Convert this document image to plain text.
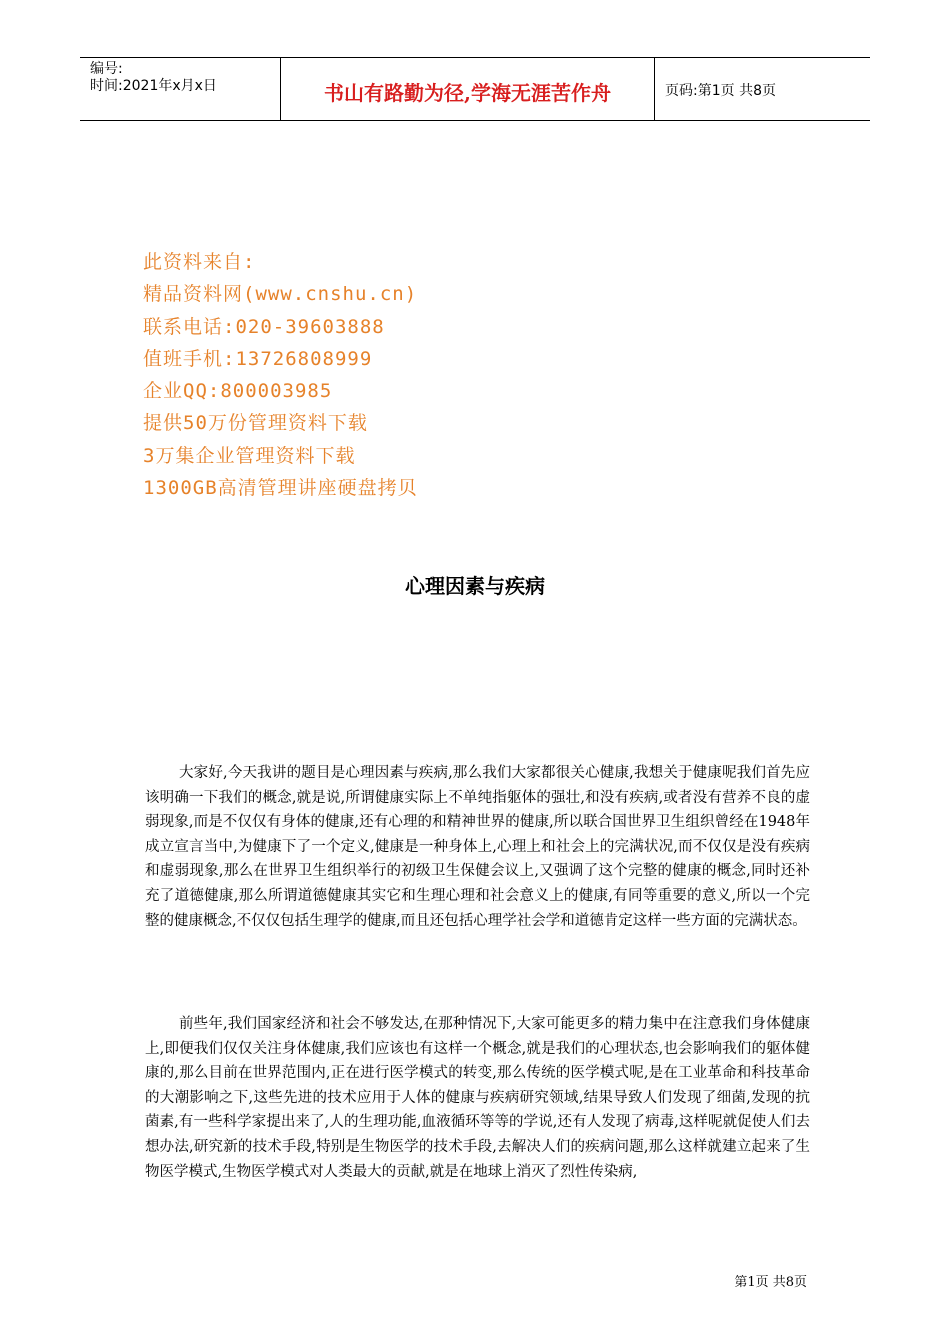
编号:
时间:2021年x月x日	书山有路勤为径,学海无涯苦作舟	页码:第1页 共8页
此资料来自:
精品资料网(www.cnshu.cn)
联系电话:020-39603888
值班手机:13726808999
企业QQ:800003985
提供50万份管理资料下载
3万集企业管理资料下载
1300GB高清管理讲座硬盘拷贝
心理因素与疾病

大家好,今天我讲的题目是心理因素与疾病,那么我们大家都很关心健康,我想关于健康呢我们首先应该明确一下我们的概念,就是说,所谓健康实际上不单纯指躯体的强壮,和没有疾病,或者没有营养不良的虚弱现象,而是不仅仅有身体的健康,还有心理的和精神世界的健康,所以联合国世界卫生组织曾经在1948年成立宣言当中,为健康下了一个定义,健康是一种身体上,心理上和社会上的完满状况,而不仅仅是没有疾病和虚弱现象,那么在世界卫生组织举行的初级卫生保健会议上,又强调了这个完整的健康的概念,同时还补充了道德健康,那么所谓道德健康其实它和生理心理和社会意义上的健康,有同等重要的意义,所以一个完整的健康概念,不仅仅包括生理学的健康,而且还包括心理学社会学和道德肯定这样一些方面的完满状态。

前些年,我们国家经济和社会不够发达,在那种情况下,大家可能更多的精力集中在注意我们身体健康上,即便我们仅仅关注身体健康,我们应该也有这样一个概念,就是我们的心理状态,也会影响我们的躯体健康的,那么目前在世界范围内,正在进行医学模式的转变,那么传统的医学模式呢,是在工业革命和科技革命的大潮影响之下,这些先进的技术应用于人体的健康与疾病研究领域,结果导致人们发现了细菌,发现的抗菌素,有一些科学家提出来了,人的生理功能,血液循环等等的学说,还有人发现了病毒,这样呢就促使人们去想办法,研究新的技术手段,特别是生物医学的技术手段,去解决人们的疾病问题,那么这样就建立起来了生物医学模式,生物医学模式对人类最大的贡献,就是在地球上消灭了烈性传染病,

第1页 共8页
